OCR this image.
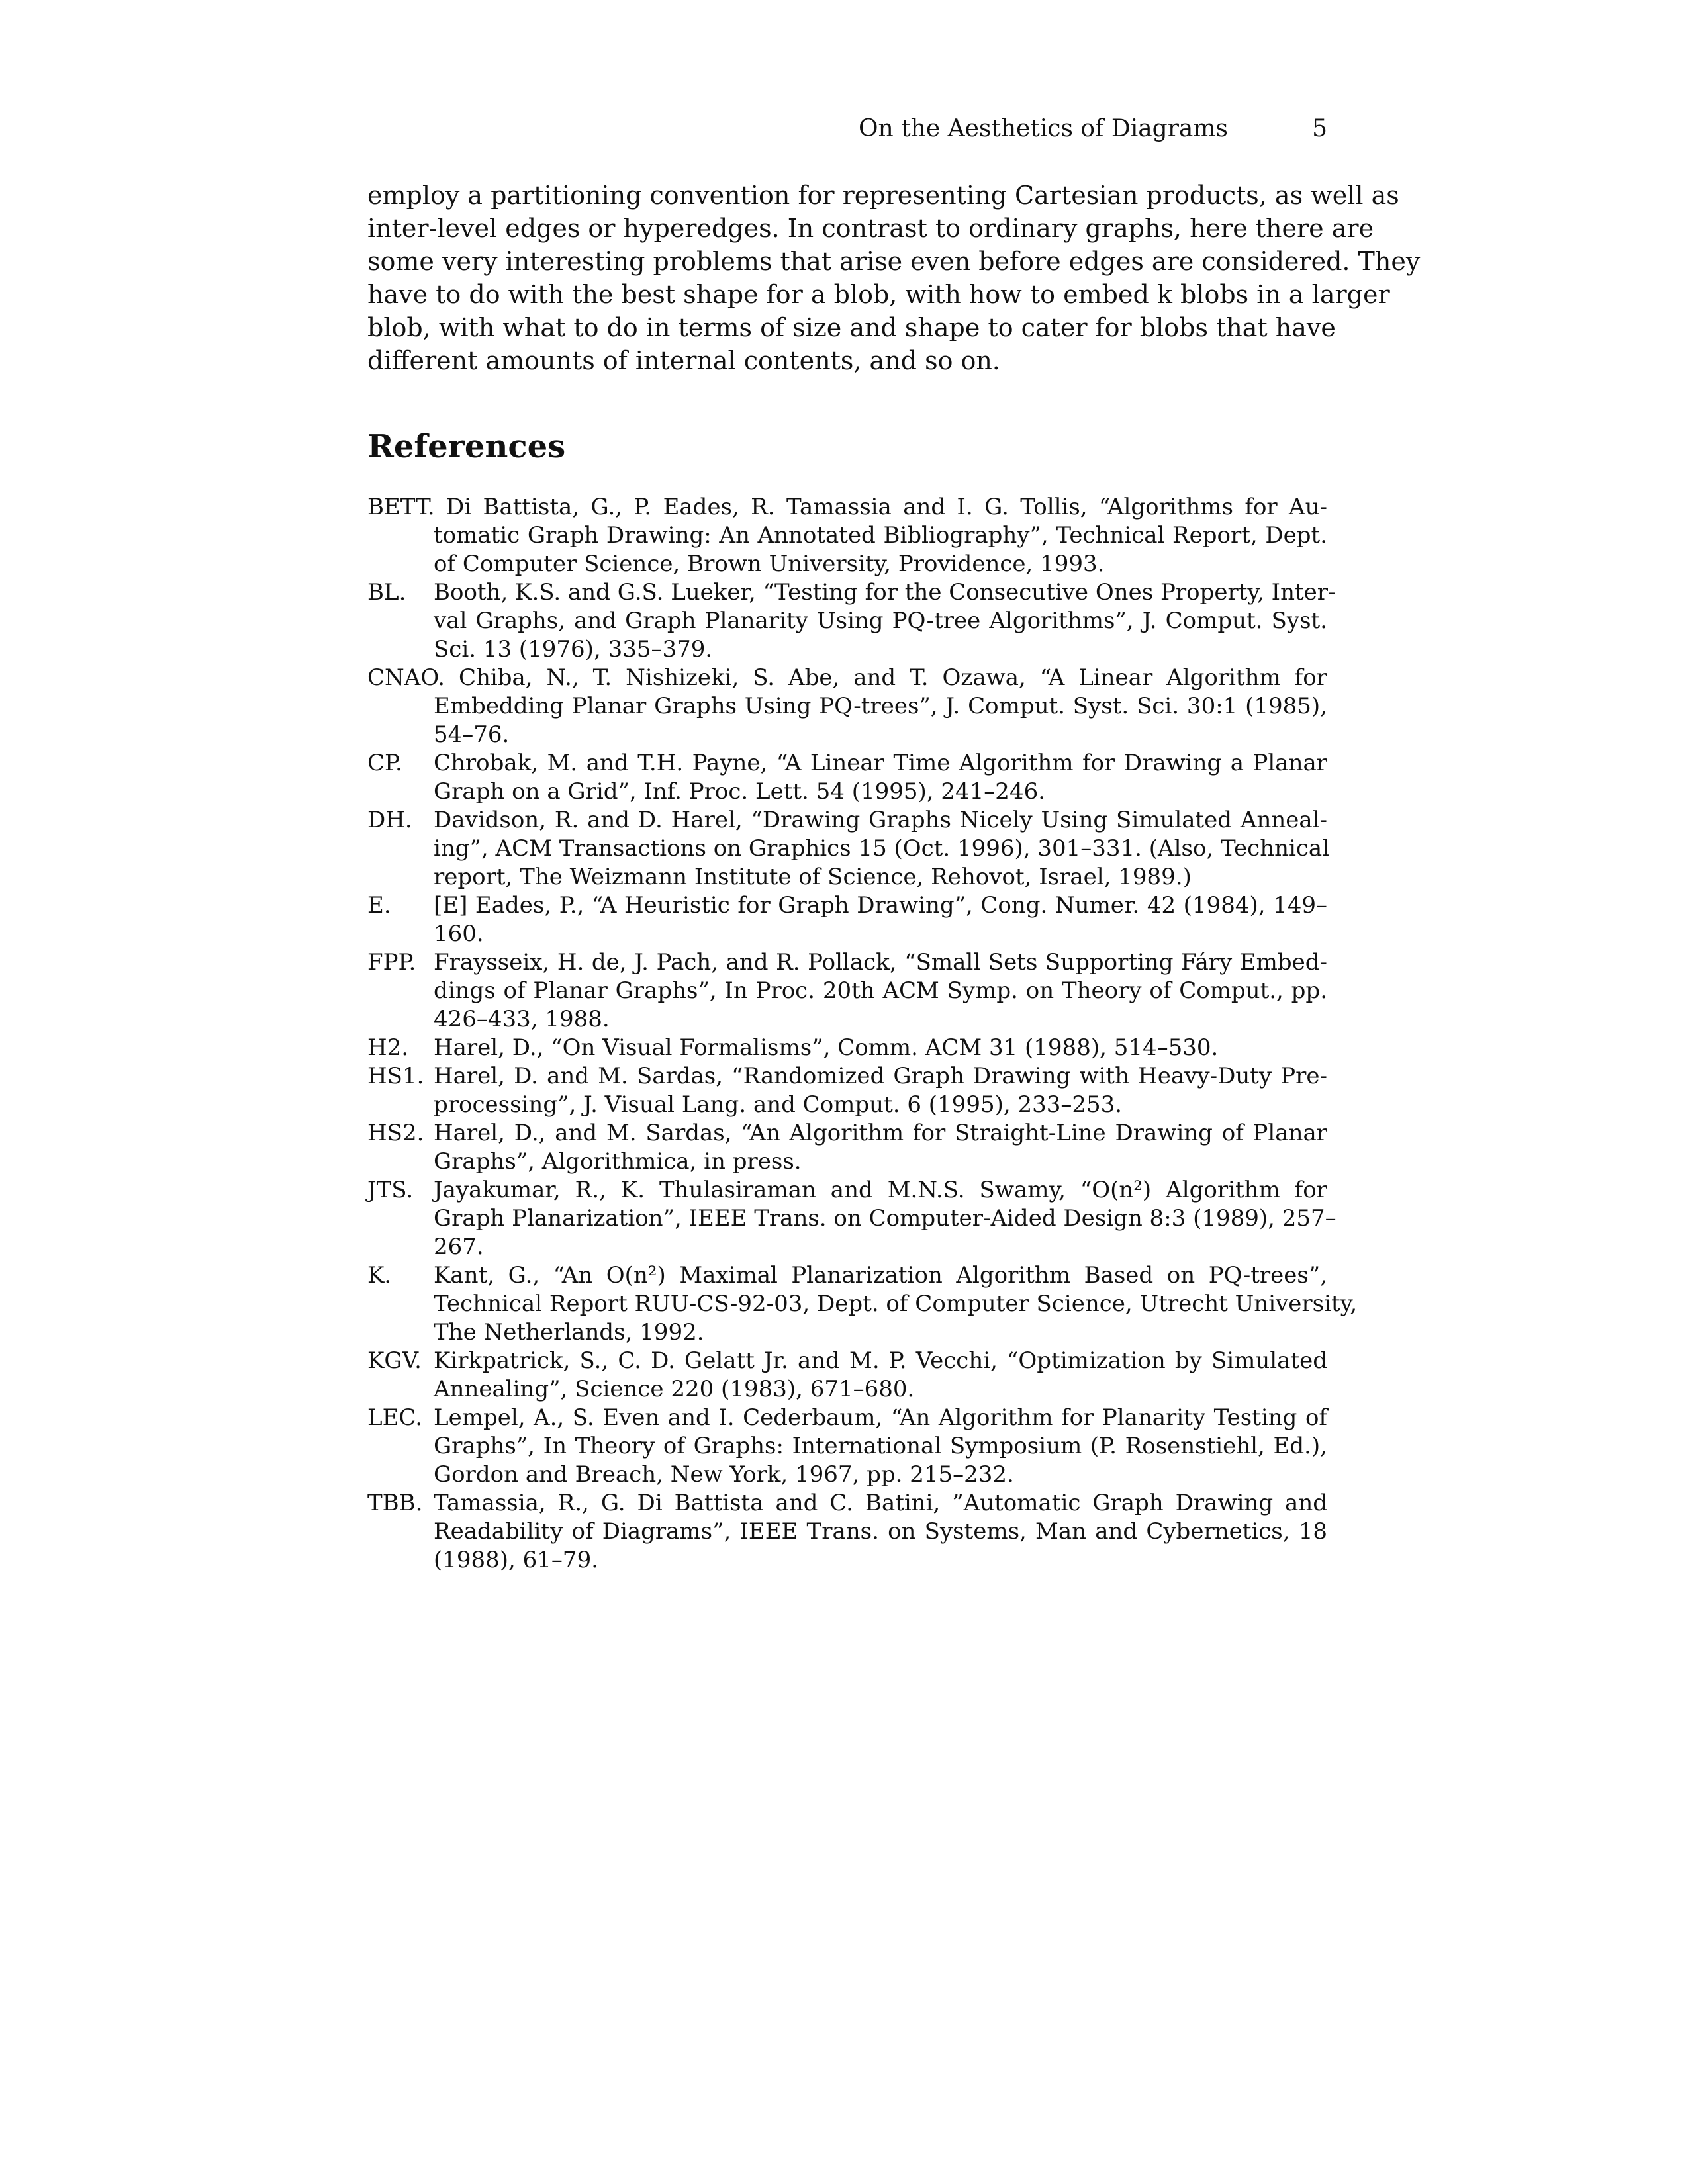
On the Aesthetics of Diagrams	5

employ a partitioning convention for representing Cartesian products, as well as
inter-level edges or hyperedges. In contrast to ordinary graphs, here there are
some very interesting problems that arise even before edges are considered. They
have to do with the best shape for a blob, with how to embed k blobs in a larger
blob, with what to do in terms of size and shape to cater for blobs that have
different amounts of internal contents, and so on.

References
BETT. Di Battista, G., P. Eades, R. Tamassia and I. G. Tollis, “Algorithms for Au-
tomatic Graph Drawing: An Annotated Bibliography”, Technical Report, Dept.
of Computer Science, Brown University, Providence, 1993.
BL. Booth, K.S. and G.S. Lueker, “Testing for the Consecutive Ones Property, Inter-
val Graphs, and Graph Planarity Using PQ-tree Algorithms”, J. Comput. Syst.
Sci. 13 (1976), 335–379.
CNAO. Chiba, N., T. Nishizeki, S. Abe, and T. Ozawa, “A Linear Algorithm for
Embedding Planar Graphs Using PQ-trees”, J. Comput. Syst. Sci. 30:1 (1985),
54–76.
CP. Chrobak, M. and T.H. Payne, “A Linear Time Algorithm for Drawing a Planar
Graph on a Grid”, Inf. Proc. Lett. 54 (1995), 241–246.
DH. Davidson, R. and D. Harel, “Drawing Graphs Nicely Using Simulated Anneal-
ing”, ACM Transactions on Graphics 15 (Oct. 1996), 301–331. (Also, Technical
report, The Weizmann Institute of Science, Rehovot, Israel, 1989.)
E. [E] Eades, P., “A Heuristic for Graph Drawing”, Cong. Numer. 42 (1984), 149–
160.
FPP. Fraysseix, H. de, J. Pach, and R. Pollack, “Small Sets Supporting Fáry Embed-
dings of Planar Graphs”, In Proc. 20th ACM Symp. on Theory of Comput., pp.
426–433, 1988.
H2. Harel, D., “On Visual Formalisms”, Comm. ACM 31 (1988), 514–530.
HS1. Harel, D. and M. Sardas, “Randomized Graph Drawing with Heavy-Duty Pre-
processing”, J. Visual Lang. and Comput. 6 (1995), 233–253.
HS2. Harel, D., and M. Sardas, “An Algorithm for Straight-Line Drawing of Planar
Graphs”, Algorithmica, in press.
JTS. Jayakumar, R., K. Thulasiraman and M.N.S. Swamy, “O(n²) Algorithm for
Graph Planarization”, IEEE Trans. on Computer-Aided Design 8:3 (1989), 257–
267.
K. Kant, G., “An O(n²) Maximal Planarization Algorithm Based on PQ-trees”,
Technical Report RUU-CS-92-03, Dept. of Computer Science, Utrecht University,
The Netherlands, 1992.
KGV. Kirkpatrick, S., C. D. Gelatt Jr. and M. P. Vecchi, “Optimization by Simulated
Annealing”, Science 220 (1983), 671–680.
LEC. Lempel, A., S. Even and I. Cederbaum, “An Algorithm for Planarity Testing of
Graphs”, In Theory of Graphs: International Symposium (P. Rosenstiehl, Ed.),
Gordon and Breach, New York, 1967, pp. 215–232.
TBB. Tamassia, R., G. Di Battista and C. Batini, ”Automatic Graph Drawing and
Readability of Diagrams”, IEEE Trans. on Systems, Man and Cybernetics, 18
(1988), 61–79.
